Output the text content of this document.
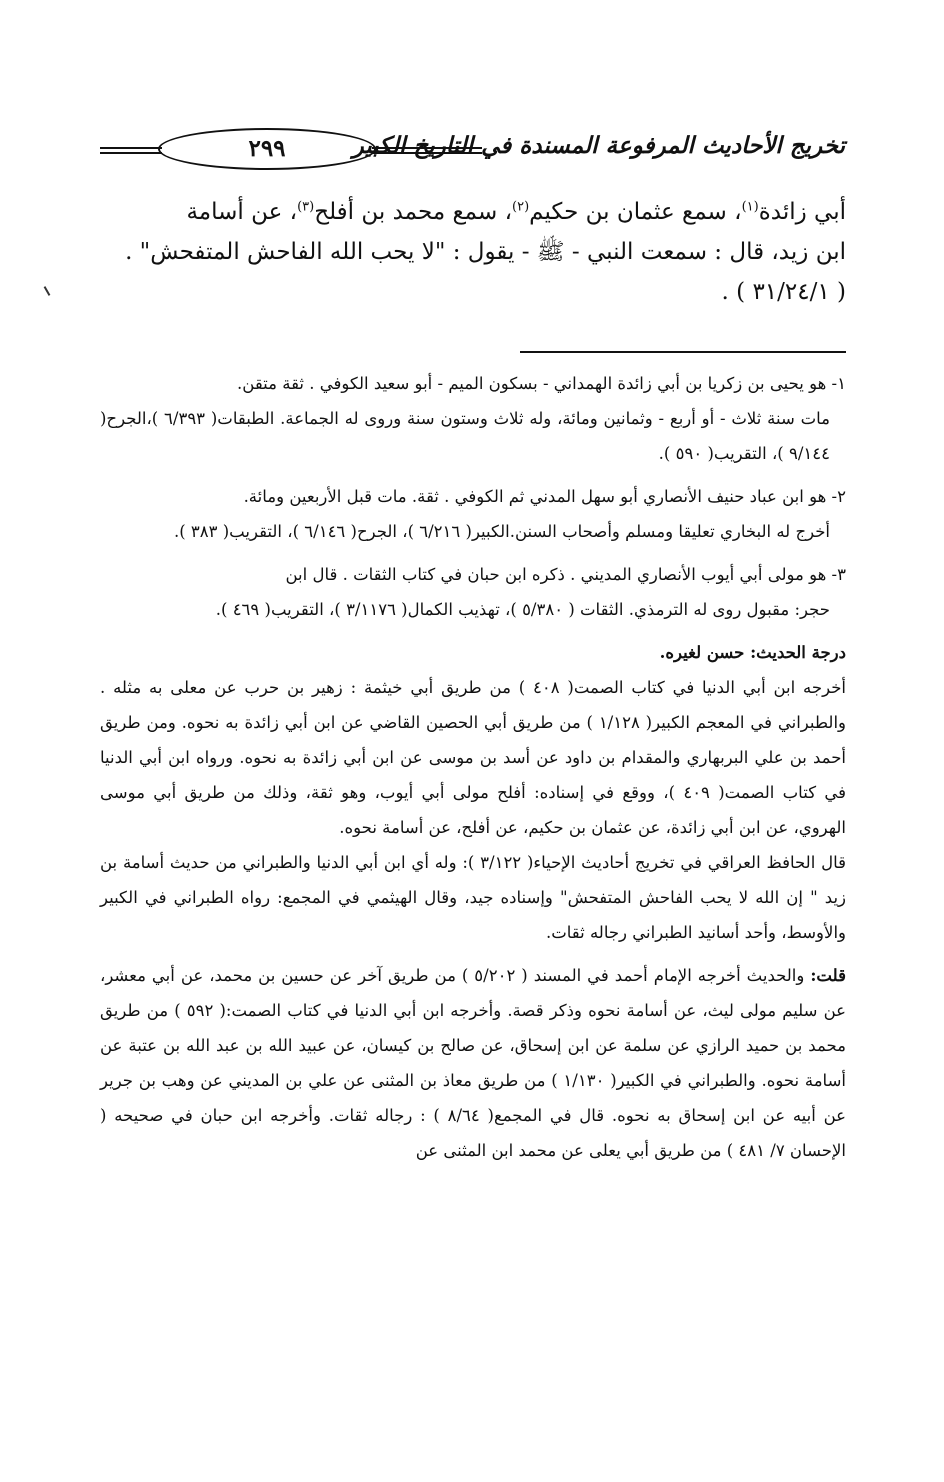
٢٩٩	تخريج الأحاديث المرفوعة المسندة في التاريخ الكبير

أبي زائدة$^{(١)}$، سمع عثمان بن حكيم$^{(٢)}$، سمع محمد بن أفلح$^{(٣)}$، عن أسامة

ابن زيد، قال : سمعت النبي - ﷺ - يقول : "لا يحب الله الفاحش المتفحش" .

( ٣١/٢٤/١ ) .

١- هو يحيى بن زكريا بن أبي زائدة الهمداني - بسكون الميم - أبو سعيد الكوفي . ثقة متقن.
مات سنة ثلاث - أو أربع - وثمانين ومائة، وله ثلاث وستون سنة وروى له الجماعة. الطبقات( ٦/٣٩٣ )،الجرح( ٩/١٤٤ )، التقريب( ٥٩٠ ).
٢- هو ابن عباد حنيف الأنصاري أبو سهل المدني ثم الكوفي . ثقة. مات قبل الأربعين ومائة.
أخرج له البخاري تعليقا ومسلم وأصحاب السنن.الكبير( ٦/٢١٦ )، الجرح( ٦/١٤٦ )، التقريب( ٣٨٣ ).
٣- هو مولى أبي أيوب الأنصاري المديني . ذكره ابن حبان في كتاب الثقات . قال ابن
حجر: مقبول روى له الترمذي. الثقات ( ٥/٣٨٠ )، تهذيب الكمال( ٣/١١٧٦ )، التقريب( ٤٦٩ ).

درجة الحديث: حسن لغيره.

أخرجه ابن أبي الدنيا في كتاب الصمت( ٤٠٨ ) من طريق أبي خيثمة : زهير بن حرب عن معلى به مثله . والطبراني في المعجم الكبير( ١/١٢٨ ) من طريق أبي الحصين القاضي عن ابن أبي زائدة به نحوه. ومن طريق أحمد بن علي البربهاري والمقدام بن داود عن أسد بن موسى عن ابن أبي زائدة به نحوه. ورواه ابن أبي الدنيا في كتاب الصمت( ٤٠٩ )، ووقع في إسناده: أفلح مولى أبي أيوب، وهو ثقة، وذلك من طريق أبي موسى الهروي، عن ابن أبي زائدة، عن عثمان بن حكيم، عن أفلح، عن أسامة نحوه.

قال الحافظ العراقي في تخريج أحاديث الإحياء( ٣/١٢٢ ): وله أي ابن أبي الدنيا والطبراني من حديث أسامة بن زيد " إن الله لا يحب الفاحش المتفحش" وإسناده جيد، وقال الهيثمي في المجمع: رواه الطبراني في الكبير والأوسط، وأحد أسانيد الطبراني رجاله ثقات.

قلت: والحديث أخرجه الإمام أحمد في المسند ( ٥/٢٠٢ ) من طريق آخر عن حسين بن محمد، عن أبي معشر، عن سليم مولى ليث، عن أسامة نحوه وذكر قصة. وأخرجه ابن أبي الدنيا في كتاب الصمت:( ٥٩٢ ) من طريق محمد بن حميد الرازي عن سلمة عن ابن إسحاق، عن صالح بن كيسان، عن عبيد الله بن عبد الله بن عتبة عن أسامة نحوه. والطبراني في الكبير( ١/١٣٠ ) من طريق معاذ بن المثنى عن علي بن المديني عن وهب بن جرير عن أبيه عن ابن إسحاق به نحوه. قال في المجمع( ٨/٦٤ ) : رجاله ثقات. وأخرجه ابن حبان في صحيحه ( الإحسان ٧/ ٤٨١ ) من طريق أبي يعلى عن محمد ابن المثنى عن
